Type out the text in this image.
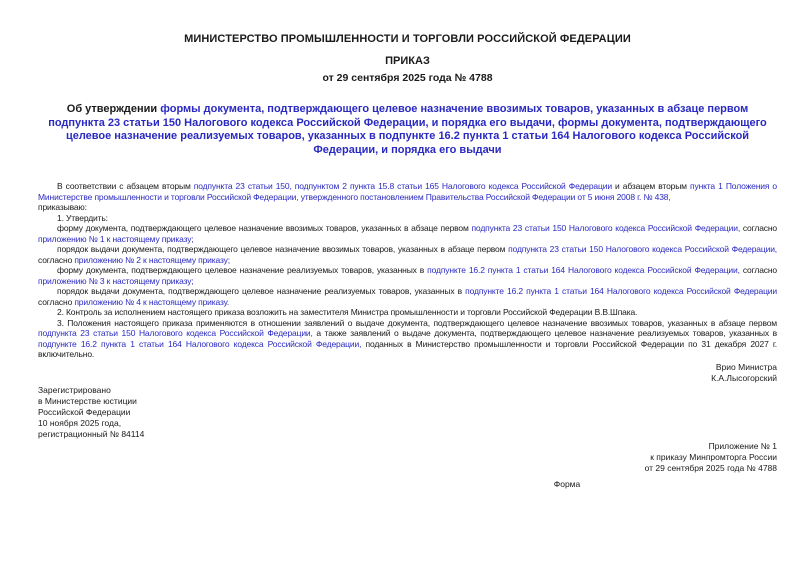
МИНИСТЕРСТВО ПРОМЫШЛЕННОСТИ И ТОРГОВЛИ РОССИЙСКОЙ ФЕДЕРАЦИИ
ПРИКАЗ
от 29 сентября 2025 года № 4788
Об утверждении формы документа, подтверждающего целевое назначение ввозимых товаров, указанных в абзаце первом подпункта 23 статьи 150 Налогового кодекса Российской Федерации, и порядка его выдачи, формы документа, подтверждающего целевое назначение реализуемых товаров, указанных в подпункте 16.2 пункта 1 статьи 164 Налогового кодекса Российской Федерации, и порядка его выдачи

В соответствии с абзацем вторым подпункта 23 статьи 150, подпунктом 2 пункта 15.8 статьи 165 Налогового кодекса Российской Федерации и абзацем вторым пункта 1 Положения о Министерстве промышленности и торговли Российской Федерации, утвержденного постановлением Правительства Российской Федерации от 5 июня 2008 г. № 438,

приказываю:

1. Утвердить:

форму документа, подтверждающего целевое назначение ввозимых товаров, указанных в абзаце первом подпункта 23 статьи 150 Налогового кодекса Российской Федерации, согласно приложению № 1 к настоящему приказу;

порядок выдачи документа, подтверждающего целевое назначение ввозимых товаров, указанных в абзаце первом подпункта 23 статьи 150 Налогового кодекса Российской Федерации, согласно приложению № 2 к настоящему приказу;

форму документа, подтверждающего целевое назначение реализуемых товаров, указанных в подпункте 16.2 пункта 1 статьи 164 Налогового кодекса Российской Федерации, согласно приложению № 3 к настоящему приказу;

порядок выдачи документа, подтверждающего целевое назначение реализуемых товаров, указанных в подпункте 16.2 пункта 1 статьи 164 Налогового кодекса Российской Федерации согласно приложению № 4 к настоящему приказу.

2. Контроль за исполнением настоящего приказа возложить на заместителя Министра промышленности и торговли Российской Федерации В.В.Шпака.

3. Положения настоящего приказа применяются в отношении заявлений о выдаче документа, подтверждающего целевое назначение ввозимых товаров, указанных в абзаце первом подпункта 23 статьи 150 Налогового кодекса Российской Федерации, а также заявлений о выдаче документа, подтверждающего целевое назначение реализуемых товаров, указанных в подпункте 16.2 пункта 1 статьи 164 Налогового кодекса Российской Федерации, поданных в Министерство промышленности и торговли Российской Федерации по 31 декабря 2027 г. включительно.

Врио Министра
К.А.Лысогорский
Зарегистрировано
в Министерстве юстиции
Российской Федерации
10 ноября 2025 года,
регистрационный № 84114
Приложение № 1
к приказу Минпромторга России
от 29 сентября 2025 года № 4788
Форма
